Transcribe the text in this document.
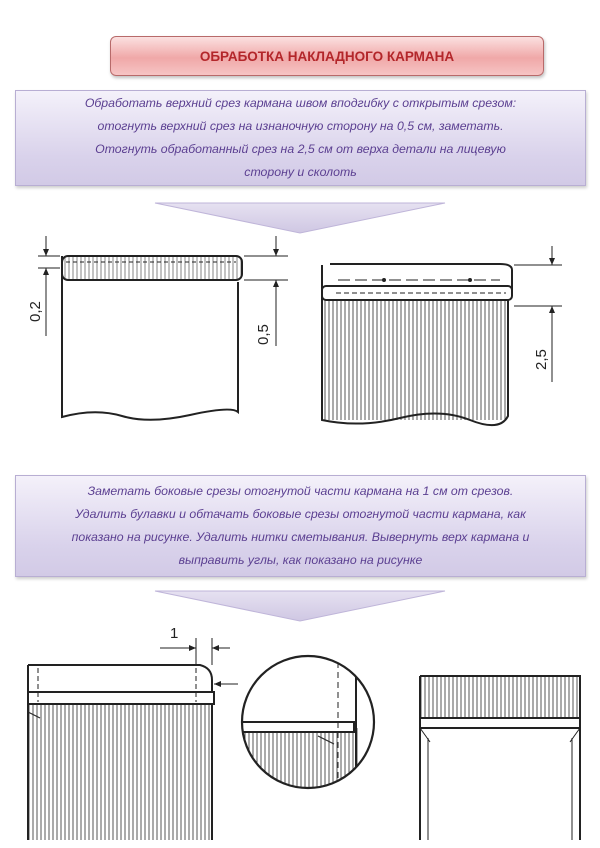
ОБРАБОТКА НАКЛАДНОГО КАРМАНА
Обработать верхний срез кармана швом вподгибку с открытым срезом:
отогнуть верхний срез на изнаночную сторону на 0,5 см, заметать.
Отогнуть обработанный срез на 2,5 см от верха детали на лицевую
сторону и сколоть
Заметать боковые срезы отогнутой части кармана на 1 см от срезов.
Удалить булавки и обтачать боковые срезы отогнутой части кармана, как
показано на рисунке. Удалить нитки сметывания. Вывернуть верх кармана и
выправить углы, как показано на рисунке
0,2
0,5
2,5
1
